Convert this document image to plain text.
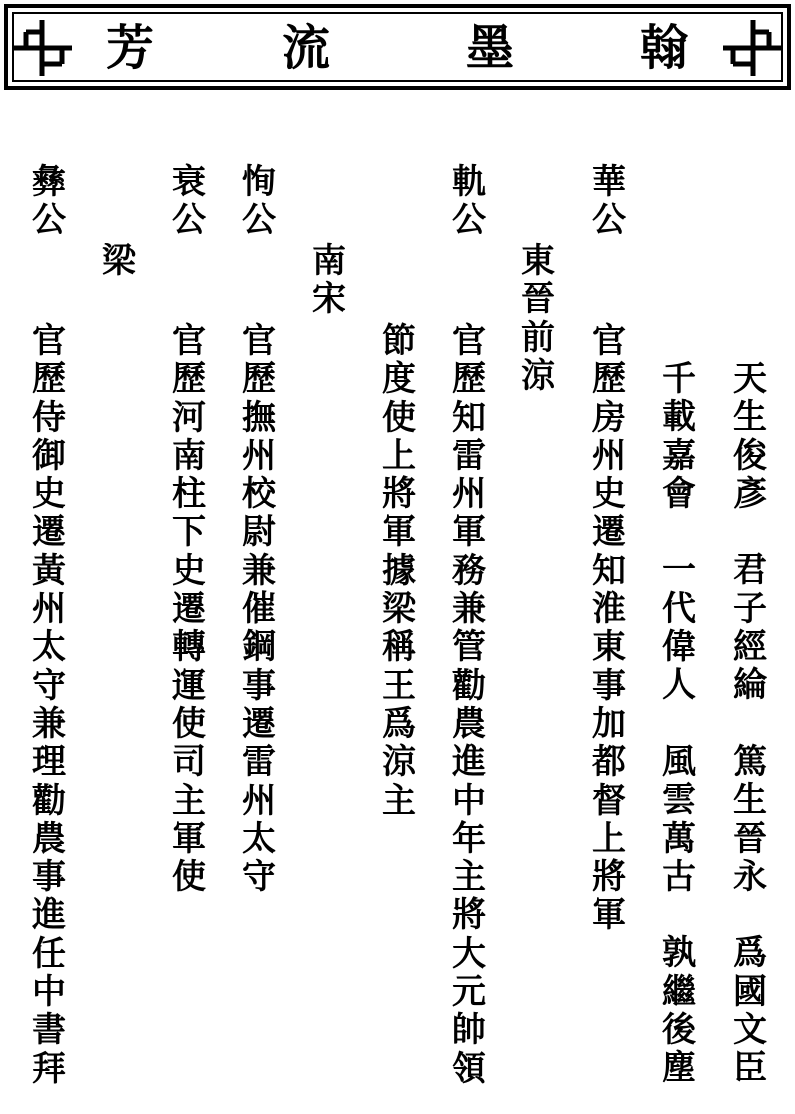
芳	流	墨	翰
天
生
俊
彥

君
子
經
綸

篤
生
晉
永

爲
國
文
臣
千
載
嘉
會

一
代
偉
人

風
雲
萬
古

孰
繼
後
塵
華
公
官
歷
房
州
史
遷
知
淮
東
事
加
都
督
上
將
軍
東
晉
前
涼
軌
公
官
歷
知
雷
州
軍
務
兼
管
勸
農
進
中
年
主
將
大
元
帥
領
節
度
使
上
將
軍
據
梁
稱
王
爲
涼
主
南
宋
恂
公
官
歷
撫
州
校
尉
兼
催
鋼
事
遷
雷
州
太
守
衰
公
官
歷
河
南
柱
下
史
遷
轉
運
使
司
主
軍
使
梁
彝
公
官
歷
侍
御
史
遷
黃
州
太
守
兼
理
勸
農
事
進
任
中
書
拜
